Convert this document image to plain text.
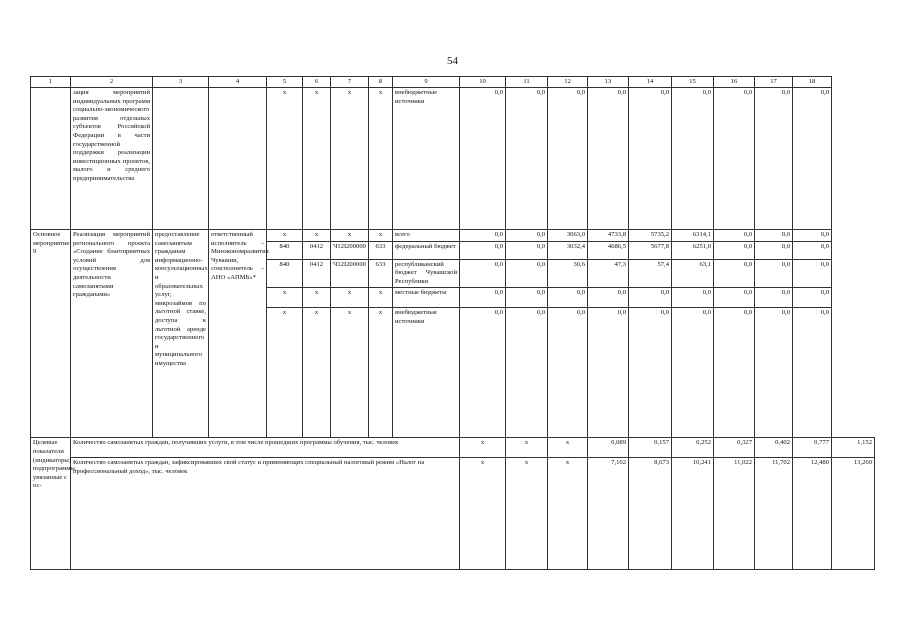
54
1	2	3	4	5	6	7	8	9	10	11	12	13	14	15	16	17	18	
	зация мероприятий индивидуальных программ социально-экономического развития отдельных субъектов Российской Федерации в части государственной поддержки реализации инвестиционных проектов, малого и среднего предпринимательства			x	x	x	x	внебюджетные источники	0,0	0,0	0,0	0,0	0,0	0,0	0,0	0,0	0,0	
Основное мероприятие 9	Реализация мероприятий регионального проекта «Создание благоприятных условий для осуществления деятельности самозанятыми гражданами»	предоставление самозанятым гражданам информационно-консультационных и образовательных услуг, микрозаймов по льготной ставке, доступа к льготной аренде государственного и муниципального имущества	ответственный исполнитель – Минэкономразвития Чувашии, соисполнитель – АНО «АПМБ»*	x	x	x	x	всего	0,0	0,0	3063,0	4733,8	5735,2	6314,1	0,0	0,0	0,0	
				840	0412	Ч12I200000	633	федеральный бюджет	0,0	0,0	3032,4	4686,5	5677,8	6251,0	0,0	0,0	0,0	
				840	0412	Ч12I200000	633	республиканский бюджет Чувашской Республики	0,0	0,0	30,6	47,3	57,4	63,1	0,0	0,0	0,0	
				x	x	x	x	местные бюджеты	0,0	0,0	0,0	0,0	0,0	0,0	0,0	0,0	0,0	
				x	x	x	x	внебюджетные источники	0,0	0,0	0,0	0,0	0,0	0,0	0,0	0,0	0,0	
Целевые показатели (индикаторы) подпрограммы, увязанные с ос-	Количество самозанятых граждан, получивших услуги, в том числе прошедших программы обучения, тыс. человек								x	x	x	0,089	0,157	0,252	0,327	0,402	0,777	1,152
	Количество самозанятых граждан, зафиксировавших свой статус и применяющих специальный налоговый режим «Налог на профессиональный доход», тыс. человек								x	x	x	7,102	8,673	10,241	11,022	11,702	12,480	13,260
